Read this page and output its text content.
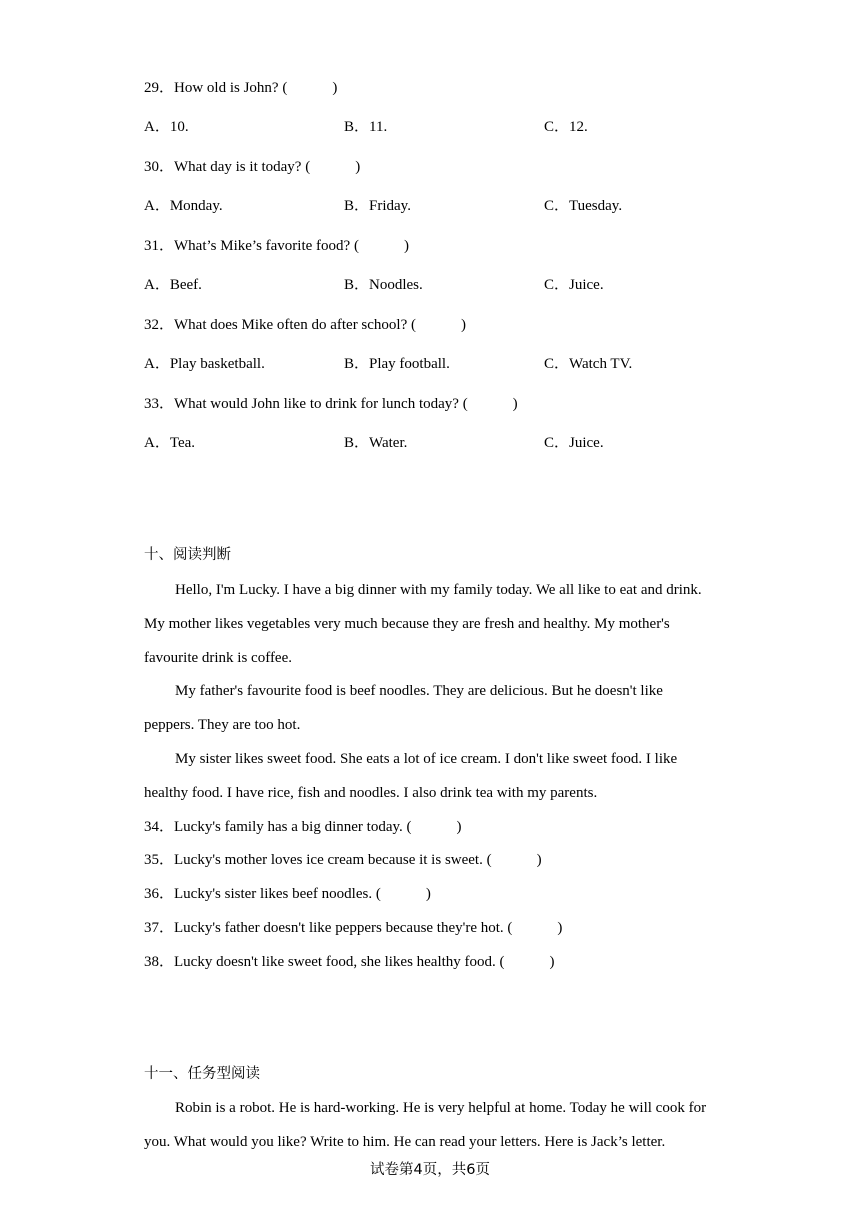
29．How old is John? (　　　)
A．10.	B．11.	C．12.
30．What day is it today? (　　　)
A．Monday.	B．Friday.	C．Tuesday.
31．What’s Mike’s favorite food? (　　　)
A．Beef.	B．Noodles.	C．Juice.
32．What does Mike often do after school? (　　　)
A．Play basketball.	B．Play football.	C．Watch TV.
33．What would John like to drink for lunch today? (　　　)
A．Tea.	B．Water.	C．Juice.
十、阅读判断
Hello, I'm Lucky. I have a big dinner with my family today. We all like to eat and drink.
My mother likes vegetables very much because they are fresh and healthy. My mother's
favourite drink is coffee.
My father's favourite food is beef noodles. They are delicious. But he doesn't like
peppers. They are too hot.
My sister likes sweet food. She eats a lot of ice cream. I don't like sweet food. I like
healthy food. I have rice, fish and noodles. I also drink tea with my parents.
34．Lucky's family has a big dinner today. (　　　)
35．Lucky's mother loves ice cream because it is sweet. (　　　)
36．Lucky's sister likes beef noodles. (　　　)
37．Lucky's father doesn't like peppers because they're hot. (　　　)
38．Lucky doesn't like sweet food, she likes healthy food. (　　　)
十一、任务型阅读
Robin is a robot. He is hard-working. He is very helpful at home. Today he will cook for
you. What would you like? Write to him. He can read your letters. Here is Jack’s letter.
试卷第4页，共6页
